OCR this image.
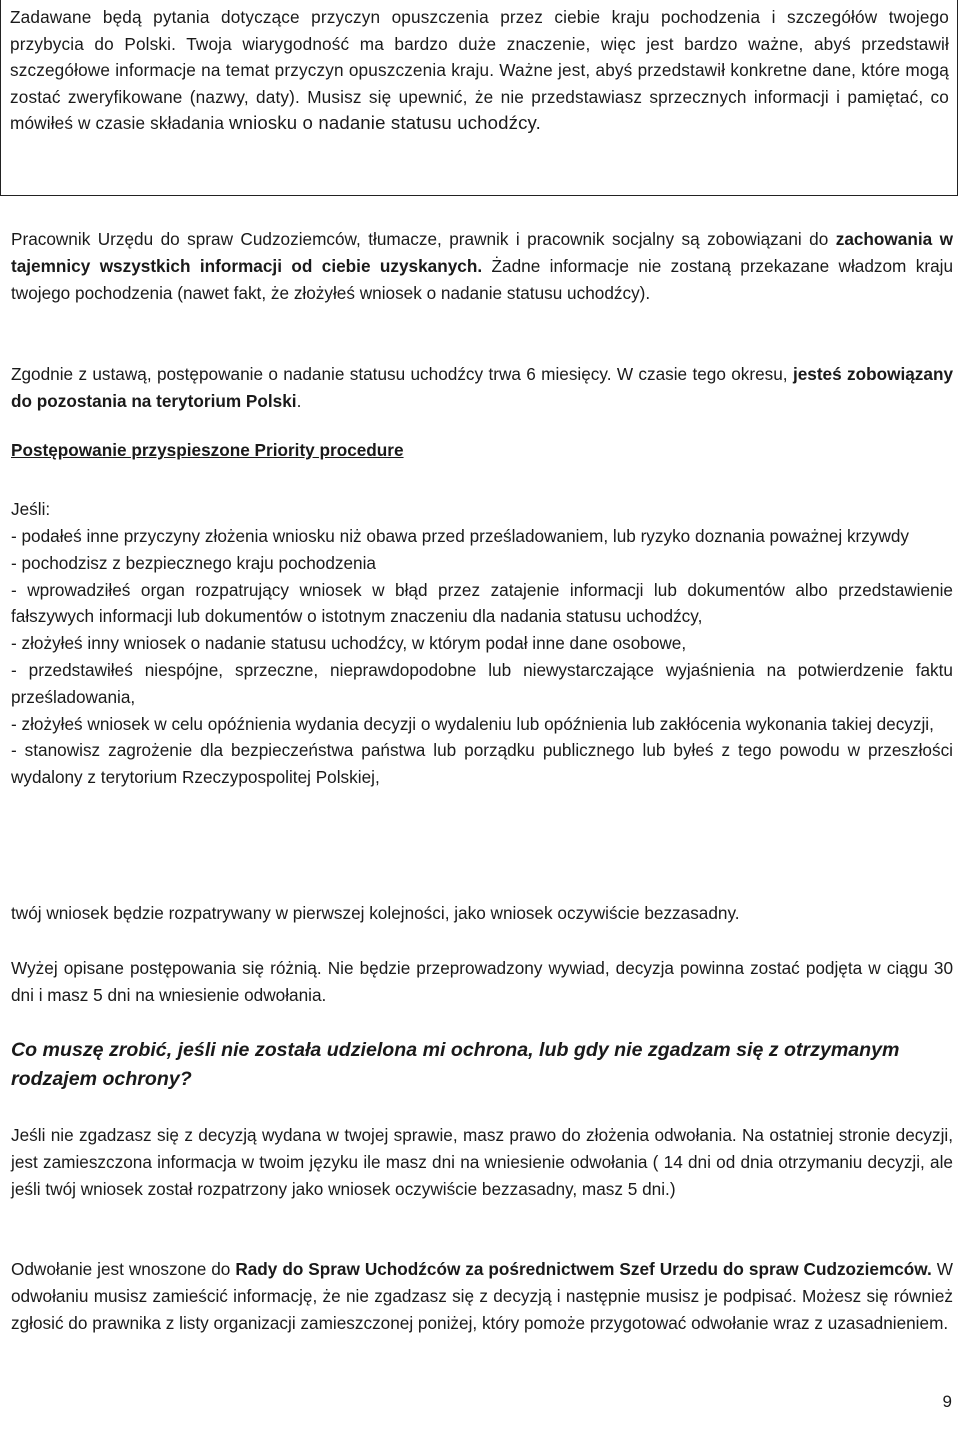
Zadawane będą pytania dotyczące przyczyn opuszczenia przez ciebie kraju pochodzenia i szczegółów twojego przybycia do Polski. Twoja wiarygodność ma bardzo duże znaczenie, więc jest bardzo ważne, abyś przedstawił szczegółowe informacje na temat przyczyn opuszczenia kraju. Ważne jest, abyś przedstawił konkretne dane, które mogą zostać zweryfikowane (nazwy, daty). Musisz się upewnić, że nie przedstawiasz sprzecznych informacji i pamiętać, co mówiłeś w czasie składania wniosku o nadanie statusu uchodźcy.

Pracownik Urzędu do spraw Cudzoziemców, tłumacze, prawnik i pracownik socjalny są zobowiązani do zachowania w tajemnicy wszystkich informacji od ciebie uzyskanych. Żadne informacje nie zostaną przekazane władzom kraju twojego pochodzenia (nawet fakt, że złożyłeś wniosek o nadanie statusu uchodźcy).

Zgodnie z ustawą, postępowanie o nadanie statusu uchodźcy trwa 6 miesięcy. W czasie tego okresu, jesteś zobowiązany do pozostania na terytorium Polski.

Postępowanie przyspieszone Priority procedure

Jeśli:

- podałeś inne przyczyny złożenia wniosku niż obawa przed prześladowaniem, lub ryzyko doznania poważnej krzywdy
- pochodzisz z bezpiecznego kraju pochodzenia
- wprowadziłeś organ rozpatrujący wniosek w błąd przez zatajenie informacji lub dokumentów albo przedstawienie fałszywych informacji lub dokumentów o istotnym znaczeniu dla nadania statusu uchodźcy,
- złożyłeś inny wniosek o nadanie statusu uchodźcy, w którym podał inne dane osobowe,
- przedstawiłeś niespójne, sprzeczne, nieprawdopodobne lub niewystarczające wyjaśnienia na potwierdzenie faktu prześladowania,
- złożyłeś wniosek w celu opóźnienia wydania decyzji o wydaleniu lub opóźnienia lub zakłócenia wykonania takiej decyzji,
- stanowisz zagrożenie dla bezpieczeństwa państwa lub porządku publicznego lub byłeś z tego powodu w przeszłości wydalony z terytorium Rzeczypospolitej Polskiej,

twój wniosek będzie rozpatrywany w pierwszej kolejności, jako wniosek oczywiście bezzasadny.

Wyżej opisane postępowania się różnią. Nie będzie przeprowadzony wywiad, decyzja powinna zostać podjęta w ciągu 30 dni i masz 5 dni na wniesienie odwołania.

Co muszę zrobić, jeśli nie została udzielona mi ochrona, lub gdy nie zgadzam się z otrzymanym rodzajem ochrony?

Jeśli nie zgadzasz się z decyzją wydana w twojej sprawie, masz prawo do złożenia odwołania. Na ostatniej stronie decyzji, jest zamieszczona informacja w twoim języku ile masz dni na wniesienie odwołania ( 14 dni od dnia otrzymaniu decyzji, ale jeśli twój wniosek został rozpatrzony jako wniosek oczywiście bezzasadny, masz 5 dni.)

Odwołanie jest wnoszone do Rady do Spraw Uchodźców za pośrednictwem Szef Urzedu do spraw Cudzoziemców. W odwołaniu musisz zamieścić informację, że nie zgadzasz się z decyzją i następnie musisz je podpisać. Możesz się również zgłosić do prawnika z listy organizacji zamieszczonej poniżej, który pomoże przygotować odwołanie wraz z uzasadnieniem.

9
